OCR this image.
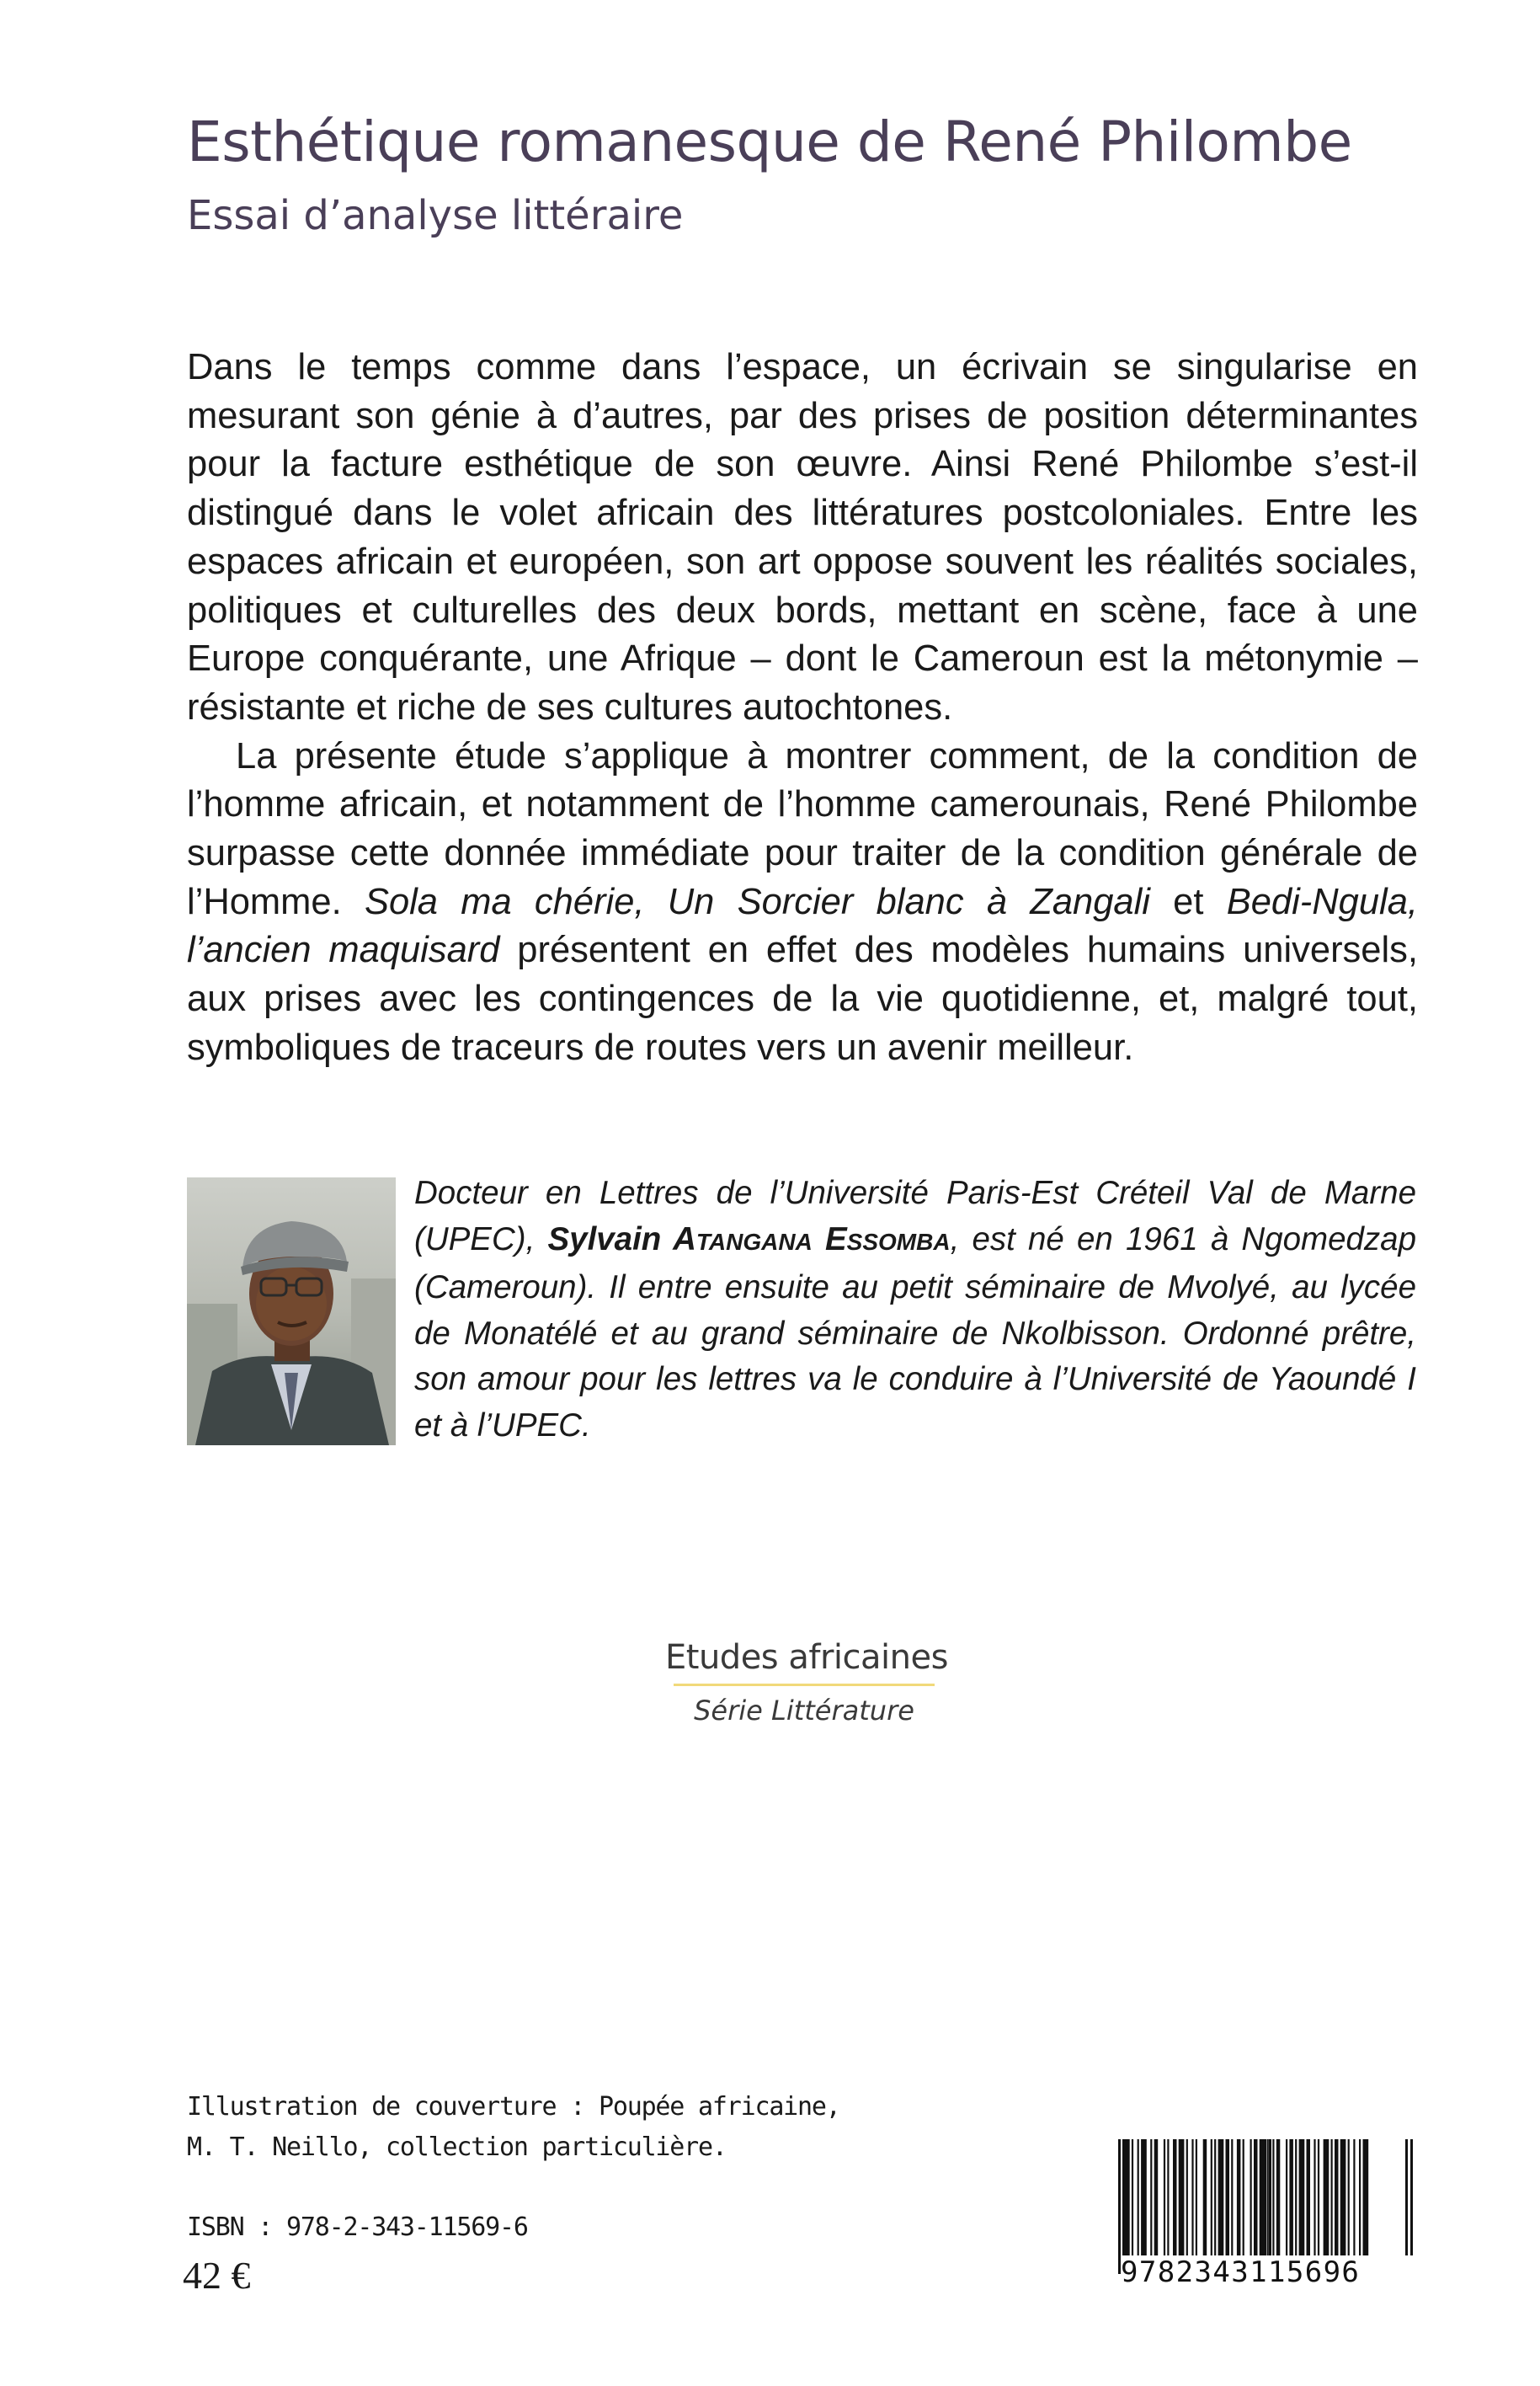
Esthétique romanesque de René Philombe
Essai d’analyse littéraire

Dans le temps comme dans l’espace, un écrivain se singularise en mesurant son génie à d’autres, par des prises de position déterminantes pour la facture esthétique de son œuvre. Ainsi René Philombe s’est-il distingué dans le volet africain des littératures postcoloniales. Entre les espaces africain et européen, son art oppose souvent les réalités sociales, politiques et culturelles des deux bords, mettant en scène, face à une Europe conquérante, une Afrique – dont le Cameroun est la métonymie – résistante et riche de ses cultures autochtones.

La présente étude s’applique à montrer comment, de la condition de l’homme africain, et notamment de l’homme camerounais, René Philombe surpasse cette donnée immédiate pour traiter de la condition générale de l’Homme. Sola ma chérie, Un Sorcier blanc à Zangali et Bedi-Ngula, l’ancien maquisard présentent en effet des modèles humains universels, aux prises avec les contingences de la vie quotidienne, et, malgré tout, symboliques de traceurs de routes vers un avenir meilleur.

Docteur en Lettres de l’Université Paris-Est Créteil Val de Marne (UPEC), Sylvain ATANGANA ESSOMBA, est né en 1961 à Ngomedzap (Cameroun). Il entre ensuite au petit séminaire de Mvolyé, au lycée de Monatélé et au grand séminaire de Nkolbisson. Ordonné prêtre, son amour pour les lettres va le conduire à l’Université de Yaoundé I et à l’UPEC.
Etudes africaines
Série Littérature
Illustration de couverture : Poupée africaine,
M. T. Neillo, collection particulière.
ISBN : 978-2-343-11569-6
42 €	9782343115696
